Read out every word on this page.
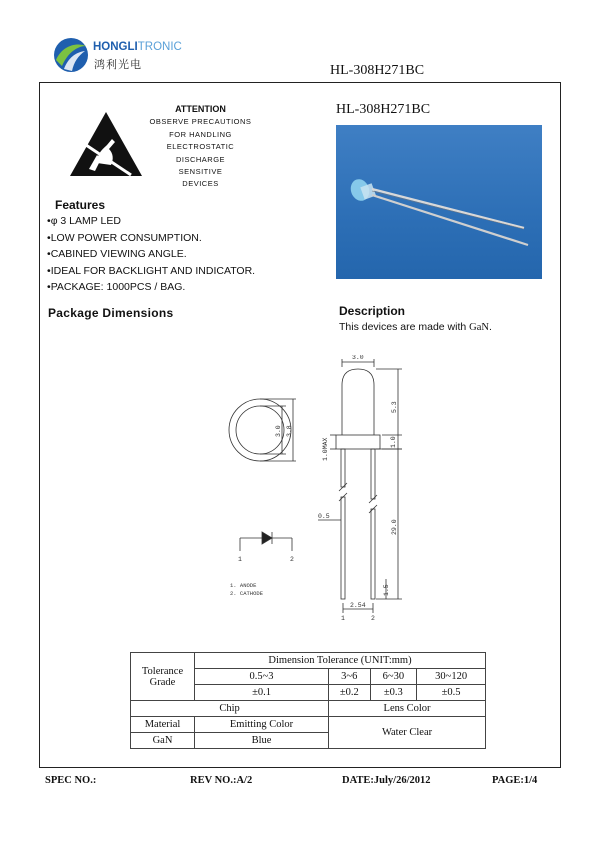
HONGLITRONIC
鸿利光电	HL-308H271BC
ATTENTION
OBSERVE PRECAUTIONS
FOR HANDLING
ELECTROSTATIC
DISCHARGE
SENSITIVE
DEVICES
HL-308H271BC
Features
•φ 3 LAMP LED
•LOW POWER CONSUMPTION.
•CABINED VIEWING ANGLE.
•IDEAL FOR BACKLIGHT AND INDICATOR.
•PACKAGE: 1000PCS / BAG.
Package Dimensions	Description
This devices are made with GaN.
3.0
5.3
1.0
1.0MAX
29.0
0.5
1.5
2.54
3.0 3.8
1	2
1	2
1. ANODE
2. CATHODE
Tolerance Grade	Dimension Tolerance (UNIT:mm)			
	0.5~3	3~6	6~30	30~120
	±0.1	±0.2	±0.3	±0.5
Chip		Lens Color		
Material	Emitting Color	Water Clear		
GaN	Blue			
SPEC NO.:	REV NO.:A/2	DATE:July/26/2012	PAGE:1/4
